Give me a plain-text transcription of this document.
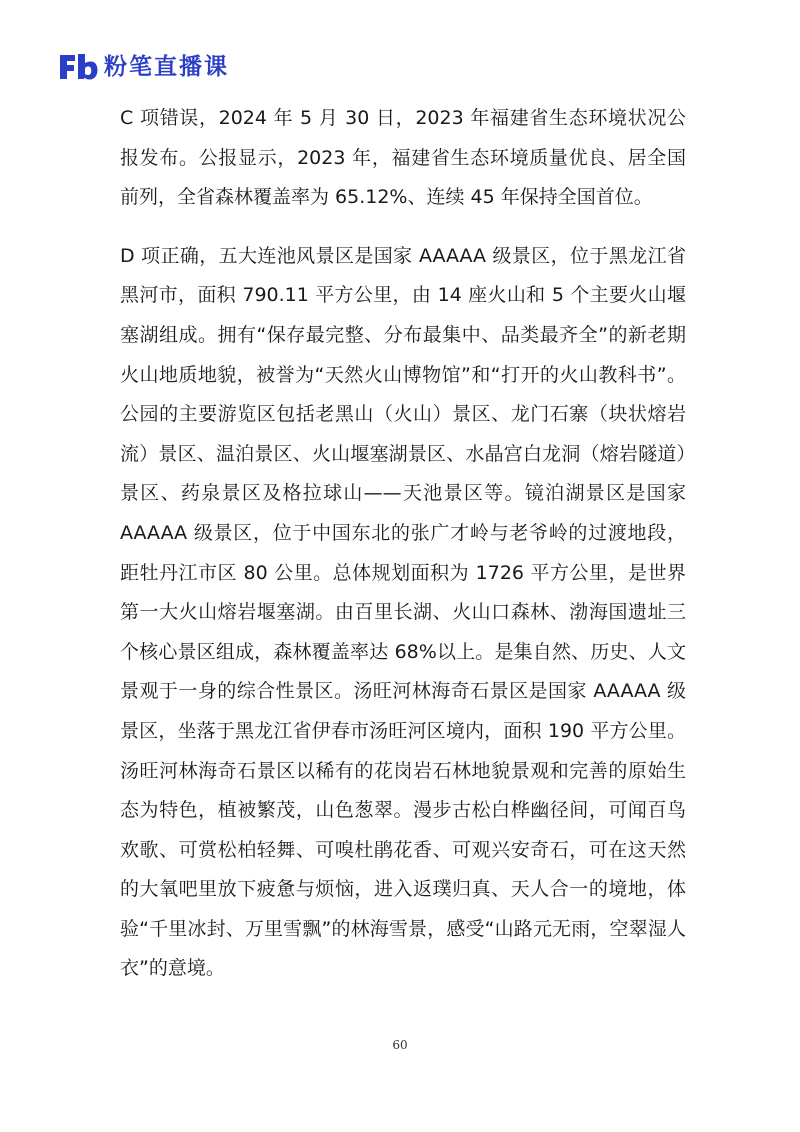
粉笔直播课

C 项错误，2024 年 5 月 30 日，2023 年福建省生态环境状况公报发布。公报显示，2023 年，福建省生态环境质量优良、居全国前列，全省森林覆盖率为 65.12%、连续 45 年保持全国首位。

D 项正确，五大连池风景区是国家 AAAAA 级景区，位于黑龙江省黑河市，面积 790.11 平方公里，由 14 座火山和 5 个主要火山堰塞湖组成。拥有“保存最完整、分布最集中、品类最齐全”的新老期火山地质地貌，被誉为“天然火山博物馆”和“打开的火山教科书”。公园的主要游览区包括老黑山（火山）景区、龙门石寨（块状熔岩流）景区、温泊景区、火山堰塞湖景区、水晶宫白龙洞（熔岩隧道）景区、药泉景区及格拉球山——天池景区等。镜泊湖景区是国家 AAAAA 级景区，位于中国东北的张广才岭与老爷岭的过渡地段，距牡丹江市区 80 公里。总体规划面积为 1726 平方公里，是世界第一大火山熔岩堰塞湖。由百里长湖、火山口森林、渤海国遗址三个核心景区组成，森林覆盖率达 68%以上。是集自然、历史、人文景观于一身的综合性景区。汤旺河林海奇石景区是国家 AAAAA 级景区，坐落于黑龙江省伊春市汤旺河区境内，面积 190 平方公里。汤旺河林海奇石景区以稀有的花岗岩石林地貌景观和完善的原始生态为特色，植被繁茂，山色葱翠。漫步古松白桦幽径间，可闻百鸟欢歌、可赏松柏轻舞、可嗅杜鹃花香、可观兴安奇石，可在这天然的大氧吧里放下疲惫与烦恼，进入返璞归真、天人合一的境地，体验“千里冰封、万里雪飘”的林海雪景，感受“山路元无雨，空翠湿人衣”的意境。

60
